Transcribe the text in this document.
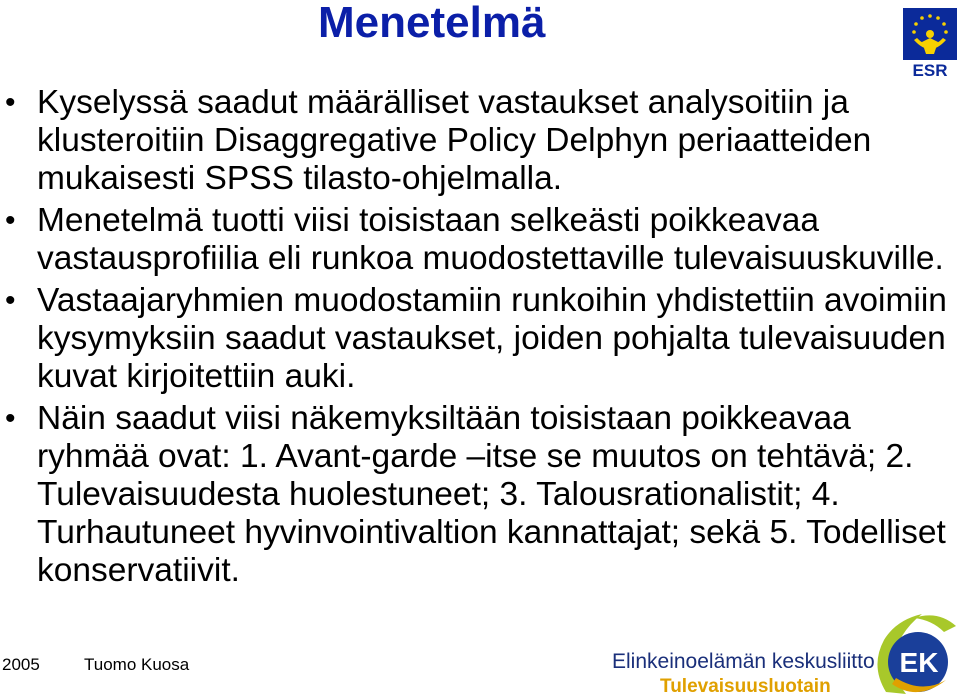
Menetelmä
ESR
• Kyselyssä saadut määrälliset vastaukset analysoitiin ja klusteroitiin Disaggregative Policy Delphyn periaatteiden mukaisesti SPSS tilasto-ohjelmalla.
• Menetelmä tuotti viisi toisistaan selkeästi poikkeavaa vastausprofiilia eli runkoa muodostettaville tulevaisuuskuville.
• Vastaajaryhmien muodostamiin runkoihin yhdistettiin avoimiin kysymyksiin saadut vastaukset, joiden pohjalta tulevaisuuden kuvat kirjoitettiin auki.
• Näin saadut viisi näkemyksiltään toisistaan poikkeavaa ryhmää ovat: 1. Avant-garde –itse se muutos on tehtävä; 2. Tulevaisuudesta huolestuneet; 3. Talousrationalistit; 4. Turhautuneet hyvinvointivaltion kannattajat; sekä 5. Todelliset konservatiivit.
2005	Tuomo Kuosa	Elinkeinoelämän keskusliitto
Tulevaisuusluotain
EK
